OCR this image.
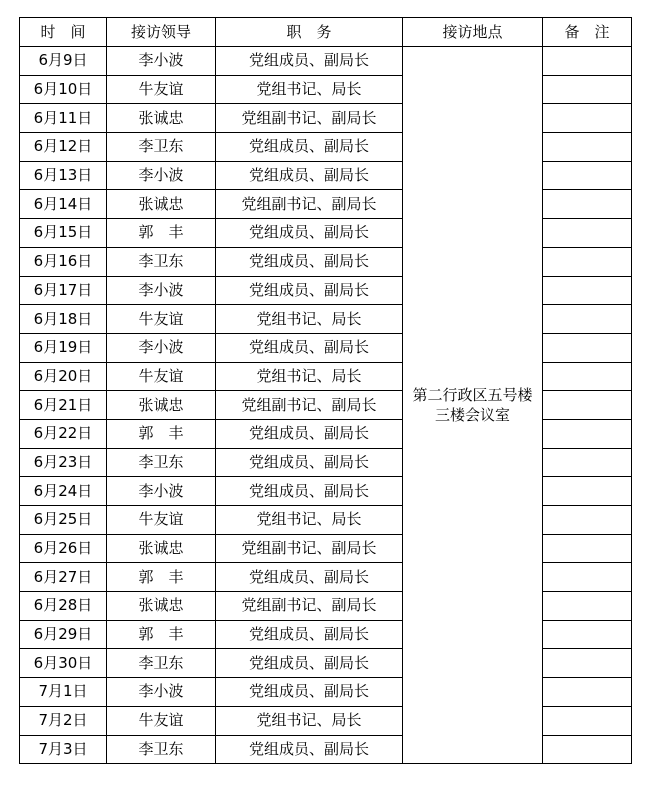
时　间	接访领导	职　务	接访地点	备　注
6月9日	李小波	党组成员、副局长	第二行政区五号楼三楼会议室	
6月10日	牛友谊	党组书记、局长		
6月11日	张诚忠	党组副书记、副局长		
6月12日	李卫东	党组成员、副局长		
6月13日	李小波	党组成员、副局长		
6月14日	张诚忠	党组副书记、副局长		
6月15日	郭　丰	党组成员、副局长		
6月16日	李卫东	党组成员、副局长		
6月17日	李小波	党组成员、副局长		
6月18日	牛友谊	党组书记、局长		
6月19日	李小波	党组成员、副局长		
6月20日	牛友谊	党组书记、局长		
6月21日	张诚忠	党组副书记、副局长		
6月22日	郭　丰	党组成员、副局长		
6月23日	李卫东	党组成员、副局长		
6月24日	李小波	党组成员、副局长		
6月25日	牛友谊	党组书记、局长		
6月26日	张诚忠	党组副书记、副局长		
6月27日	郭　丰	党组成员、副局长		
6月28日	张诚忠	党组副书记、副局长		
6月29日	郭　丰	党组成员、副局长		
6月30日	李卫东	党组成员、副局长		
7月1日	李小波	党组成员、副局长		
7月2日	牛友谊	党组书记、局长		
7月3日	李卫东	党组成员、副局长		
